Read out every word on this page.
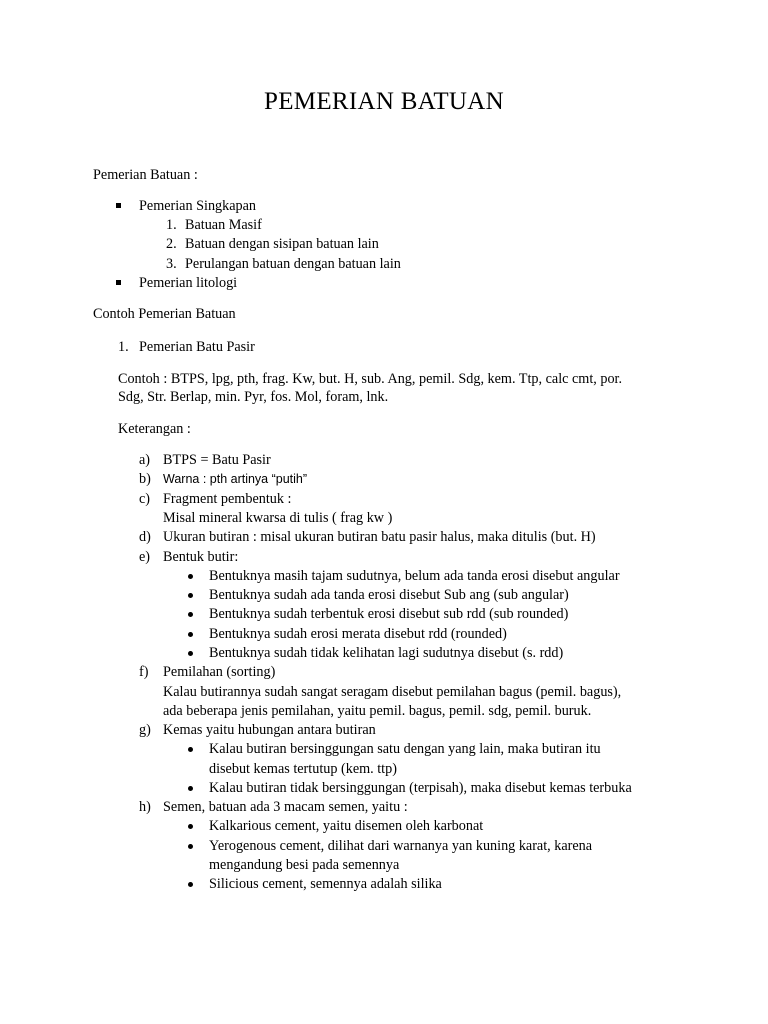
PEMERIAN BATUAN
Pemerian Batuan :
Pemerian Singkapan
1. Batuan Masif
2. Batuan dengan sisipan batuan lain
3. Perulangan batuan dengan batuan lain
Pemerian litologi
Contoh Pemerian Batuan
1. Pemerian Batu Pasir
Contoh : BTPS, lpg, pth, frag. Kw, but. H, sub. Ang, pemil. Sdg, kem. Ttp, calc cmt, por.
Sdg, Str. Berlap, min. Pyr, fos. Mol, foram, lnk.
Keterangan :
a) BTPS = Batu Pasir
b) Warna : pth artinya “putih”
c) Fragment pembentuk :
Misal mineral kwarsa di tulis ( frag kw )
d) Ukuran butiran : misal ukuran butiran batu pasir halus, maka ditulis (but. H)
e) Bentuk butir:
Bentuknya masih tajam sudutnya, belum ada tanda erosi disebut angular
Bentuknya sudah ada tanda erosi disebut Sub ang (sub angular)
Bentuknya sudah terbentuk erosi disebut sub rdd (sub rounded)
Bentuknya sudah erosi merata disebut rdd (rounded)
Bentuknya sudah tidak kelihatan lagi sudutnya disebut (s. rdd)
f) Pemilahan (sorting)
Kalau butirannya sudah sangat seragam disebut pemilahan bagus (pemil. bagus),
ada beberapa jenis pemilahan, yaitu pemil. bagus, pemil. sdg, pemil. buruk.
g) Kemas yaitu hubungan antara butiran
Kalau butiran bersinggungan satu dengan yang lain, maka butiran itu
disebut kemas tertutup (kem. ttp)
Kalau butiran tidak bersinggungan (terpisah), maka disebut kemas terbuka
h) Semen, batuan ada 3 macam semen, yaitu :
Kalkarious cement, yaitu disemen oleh karbonat
Yerogenous cement, dilihat dari warnanya yan kuning karat, karena
mengandung besi pada semennya
Silicious cement, semennya adalah silika
